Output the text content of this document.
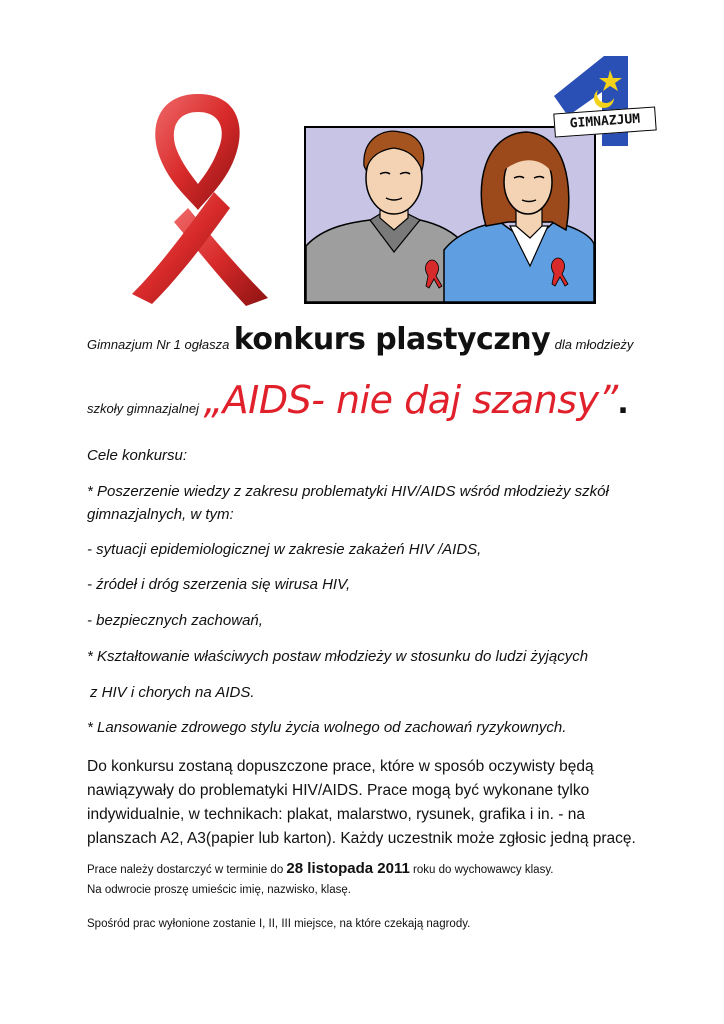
GIMNAZJUM
Gimnazjum Nr 1 ogłasza konkurs plastyczny dla młodzieży
szkoły gimnazjalnej „AIDS- nie daj szansy”.
Cele konkursu:
* Poszerzenie wiedzy z zakresu problematyki HIV/AIDS wśród młodzieży szkół
gimnazjalnych, w tym:
- sytuacji epidemiologicznej w zakresie zakażeń HIV /AIDS,
- źródeł i dróg szerzenia się wirusa HIV,
- bezpiecznych zachowań,
* Kształtowanie właściwych postaw młodzieży w stosunku do ludzi żyjących
z HIV i chorych na AIDS.
* Lansowanie zdrowego stylu życia wolnego od zachowań ryzykownych.
Do konkursu zostaną dopuszczone prace, które w sposób oczywisty będą nawiązywały do problematyki HIV/AIDS. Prace mogą być wykonane tylko indywidualnie, w technikach: plakat, malarstwo, rysunek, grafika i in. - na planszach A2, A3(papier lub karton). Każdy uczestnik może zgłosic jedną pracę.
Prace należy dostarczyć w terminie do 28 listopada 2011 roku do wychowawcy klasy.
Na odwrocie proszę umieścic imię, nazwisko, klasę.
Spośród prac wyłonione zostanie I, II, III miejsce, na które czekają nagrody.
